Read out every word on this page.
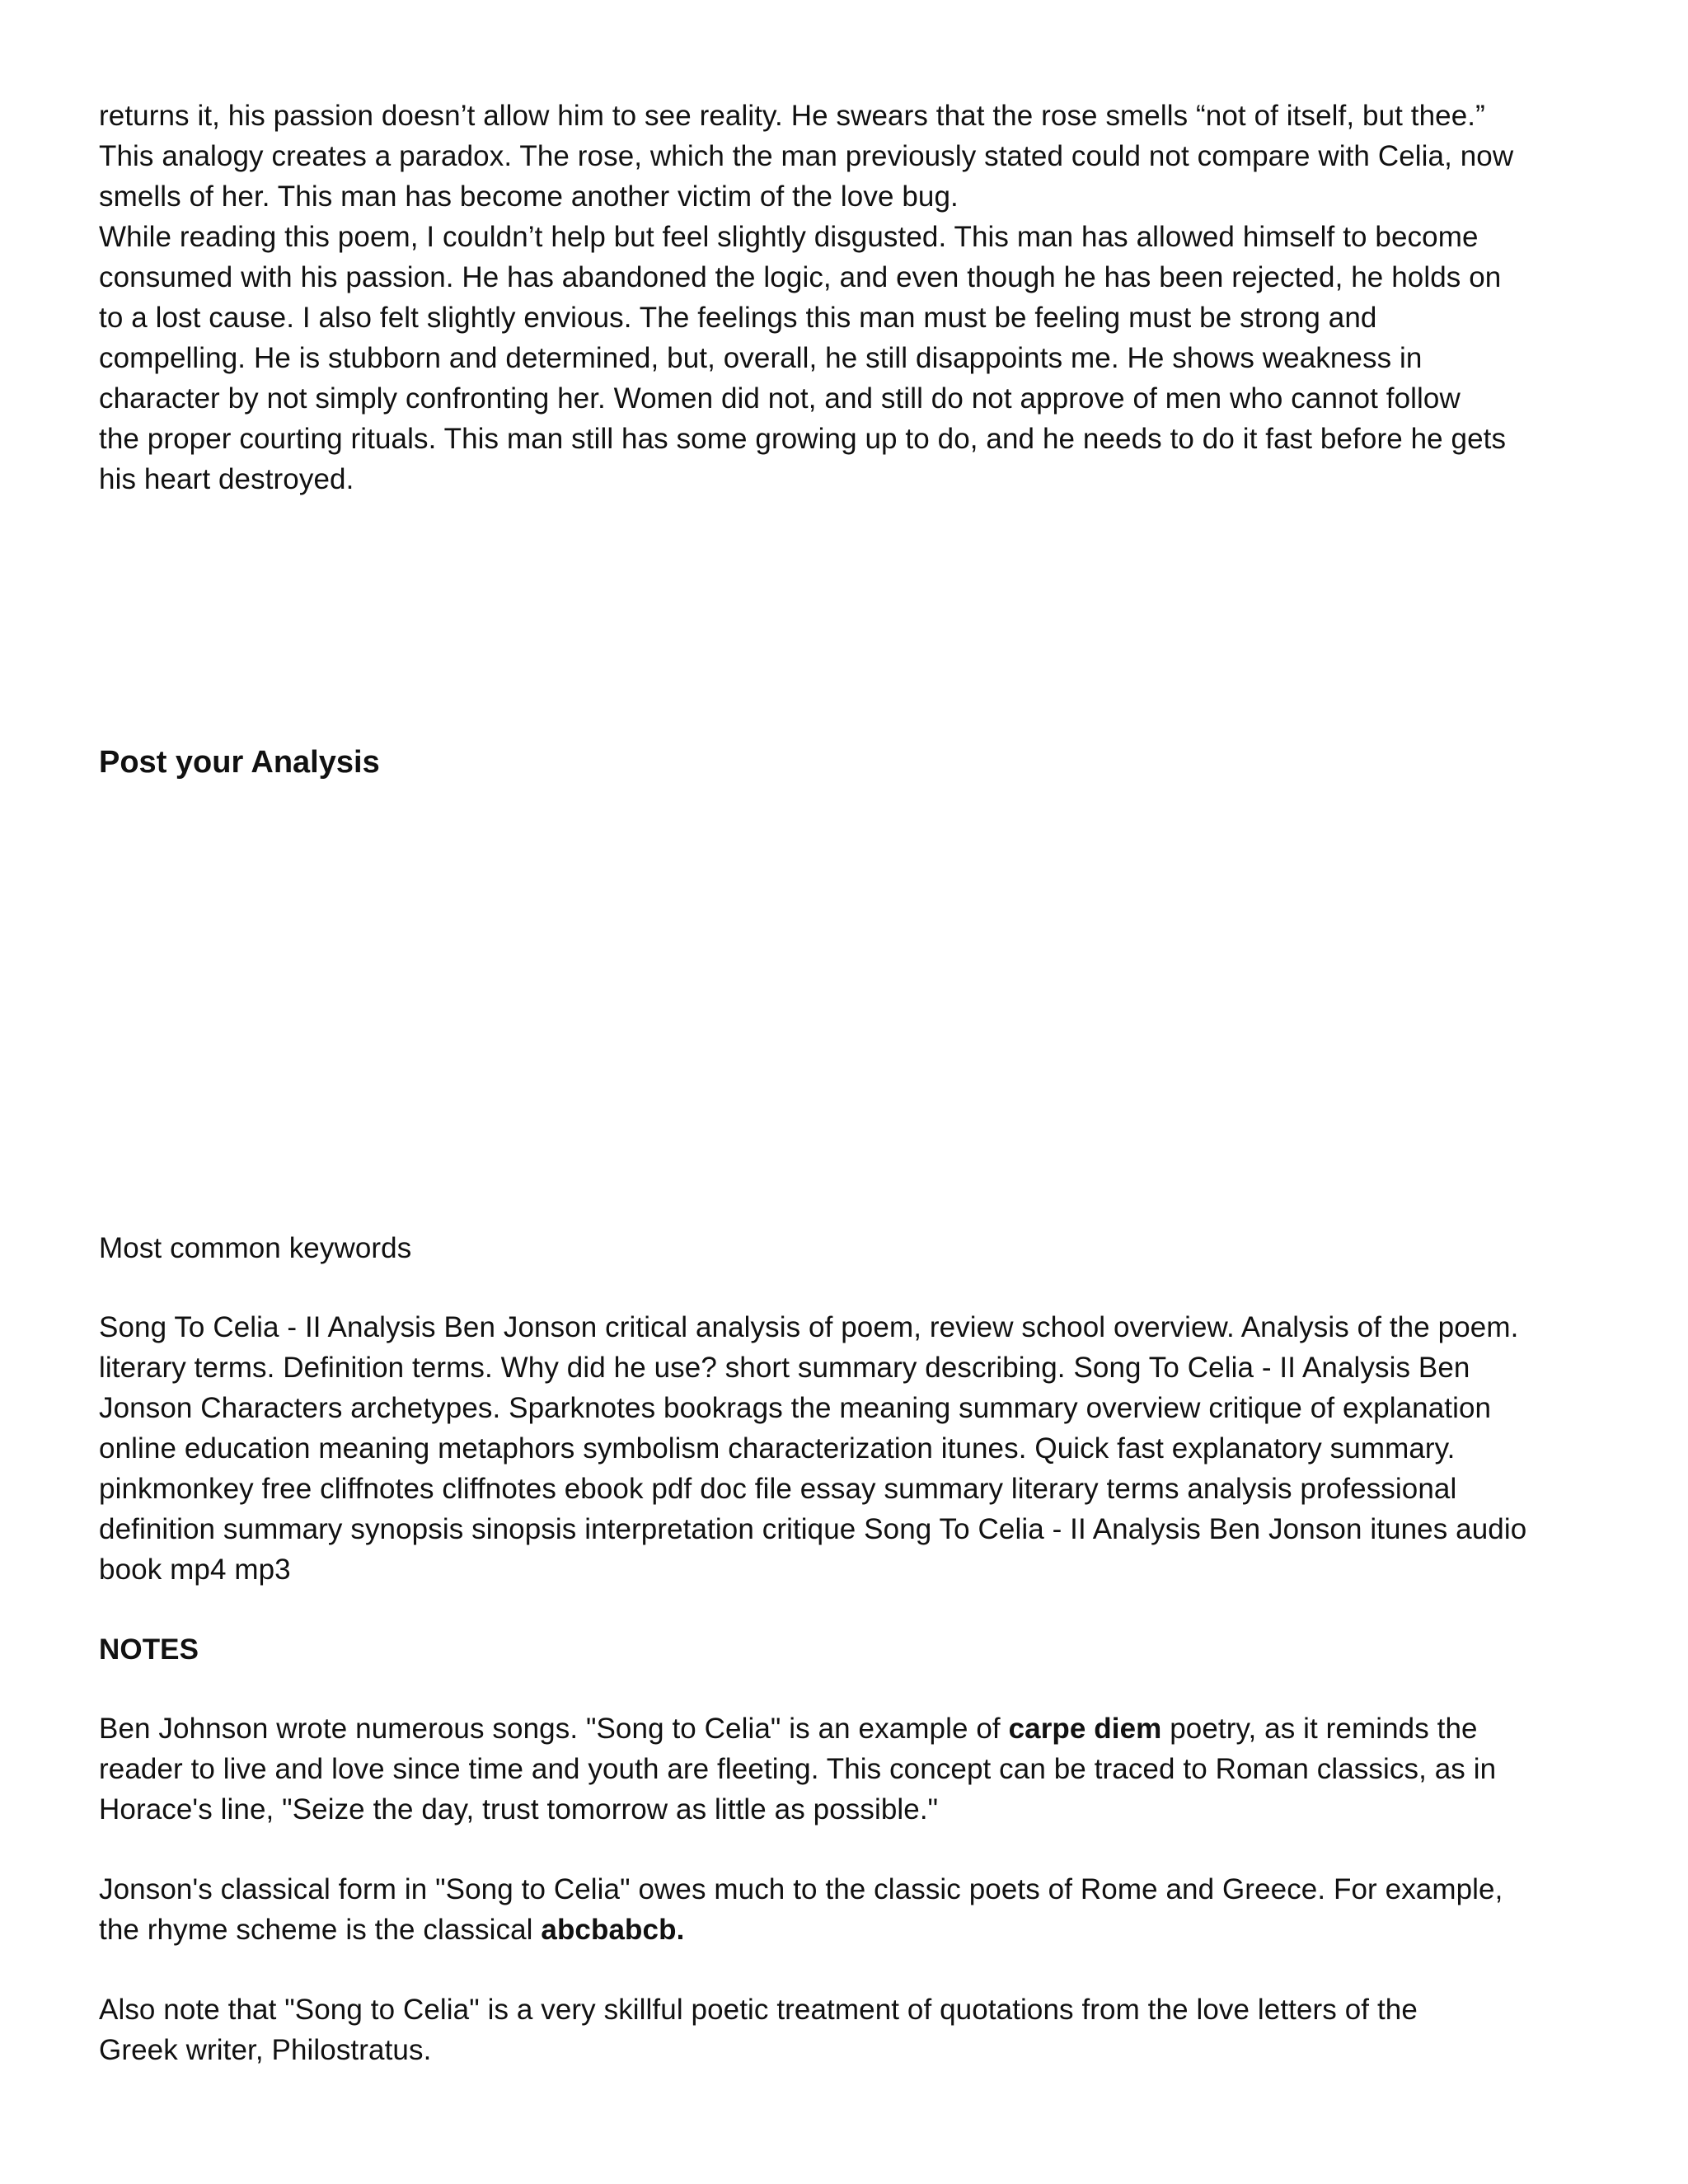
returns it, his passion doesn’t allow him to see reality. He swears that the rose smells “not of itself, but thee.”
This analogy creates a paradox. The rose, which the man previously stated could not compare with Celia, now
smells of her. This man has become another victim of the love bug.
While reading this poem, I couldn’t help but feel slightly disgusted. This man has allowed himself to become
consumed with his passion. He has abandoned the logic, and even though he has been rejected, he holds on
to a lost cause. I also felt slightly envious. The feelings this man must be feeling must be strong and
compelling. He is stubborn and determined, but, overall, he still disappoints me. He shows weakness in
character by not simply confronting her. Women did not, and still do not approve of men who cannot follow
the proper courting rituals. This man still has some growing up to do, and he needs to do it fast before he gets
his heart destroyed.
Post your Analysis
Most common keywords
Song To Celia - II Analysis Ben Jonson critical analysis of poem, review school overview. Analysis of the poem.
literary terms. Definition terms. Why did he use? short summary describing. Song To Celia - II Analysis Ben
Jonson Characters archetypes. Sparknotes bookrags the meaning summary overview critique of explanation
online education meaning metaphors symbolism characterization itunes. Quick fast explanatory summary.
pinkmonkey free cliffnotes cliffnotes ebook pdf doc file essay summary literary terms analysis professional
definition summary synopsis sinopsis interpretation critique Song To Celia - II Analysis Ben Jonson itunes audio
book mp4 mp3
NOTES
Ben Johnson wrote numerous songs. "Song to Celia" is an example of carpe diem poetry, as it reminds the
reader to live and love since time and youth are fleeting. This concept can be traced to Roman classics, as in
Horace's line, "Seize the day, trust tomorrow as little as possible."
Jonson's classical form in "Song to Celia" owes much to the classic poets of Rome and Greece. For example,
the rhyme scheme is the classical abcbabcb.
Also note that "Song to Celia" is a very skillful poetic treatment of quotations from the love letters of the
Greek writer, Philostratus.
